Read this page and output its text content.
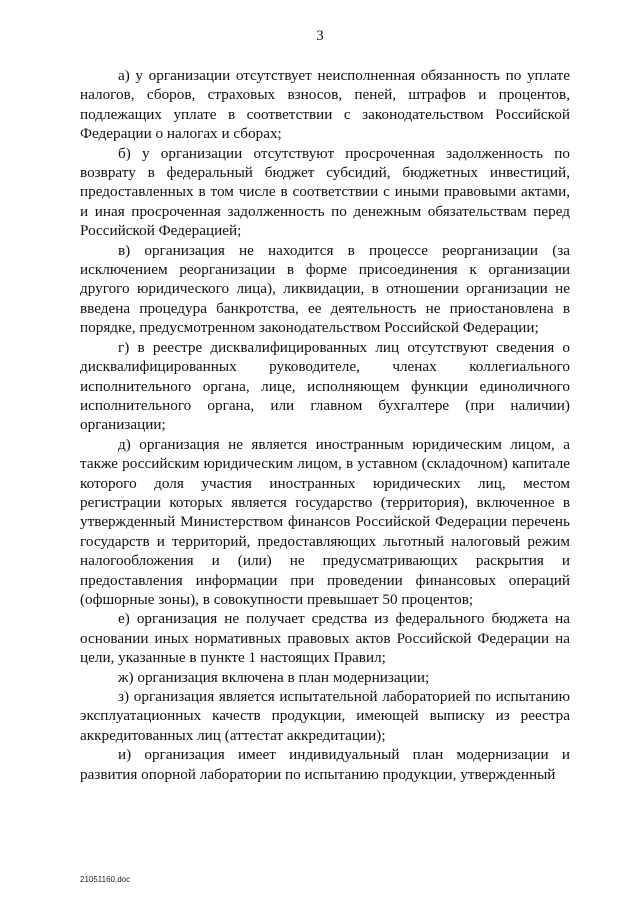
3

а) у организации отсутствует неисполненная обязанность по уплате налогов, сборов, страховых взносов, пеней, штрафов и процентов, подлежащих уплате в соответствии с законодательством Российской Федерации о налогах и сборах;

б) у организации отсутствуют просроченная задолженность по возврату в федеральный бюджет субсидий, бюджетных инвестиций, предоставленных в том числе в соответствии с иными правовыми актами, и иная просроченная задолженность по денежным обязательствам перед Российской Федерацией;

в) организация не находится в процессе реорганизации (за исключением реорганизации в форме присоединения к организации другого юридического лица), ликвидации, в отношении организации не введена процедура банкротства, ее деятельность не приостановлена в порядке, предусмотренном законодательством Российской Федерации;

г) в реестре дисквалифицированных лиц отсутствуют сведения о дисквалифицированных руководителе, членах коллегиального исполнительного органа, лице, исполняющем функции единоличного исполнительного органа, или главном бухгалтере (при наличии) организации;

д) организация не является иностранным юридическим лицом, а также российским юридическим лицом, в уставном (складочном) капитале которого доля участия иностранных юридических лиц, местом регистрации которых является государство (территория), включенное в утвержденный Министерством финансов Российской Федерации перечень государств и территорий, предоставляющих льготный налоговый режим налогообложения и (или) не предусматривающих раскрытия и предоставления информации при проведении финансовых операций (офшорные зоны), в совокупности превышает 50 процентов;

е) организация не получает средства из федерального бюджета на основании иных нормативных правовых актов Российской Федерации на цели, указанные в пункте 1 настоящих Правил;

ж) организация включена в план модернизации;

з) организация является испытательной лабораторией по испытанию эксплуатационных качеств продукции, имеющей выписку из реестра аккредитованных лиц (аттестат аккредитации);

и) организация имеет индивидуальный план модернизации и развития опорной лаборатории по испытанию продукции, утвержденный

21051160.doc
